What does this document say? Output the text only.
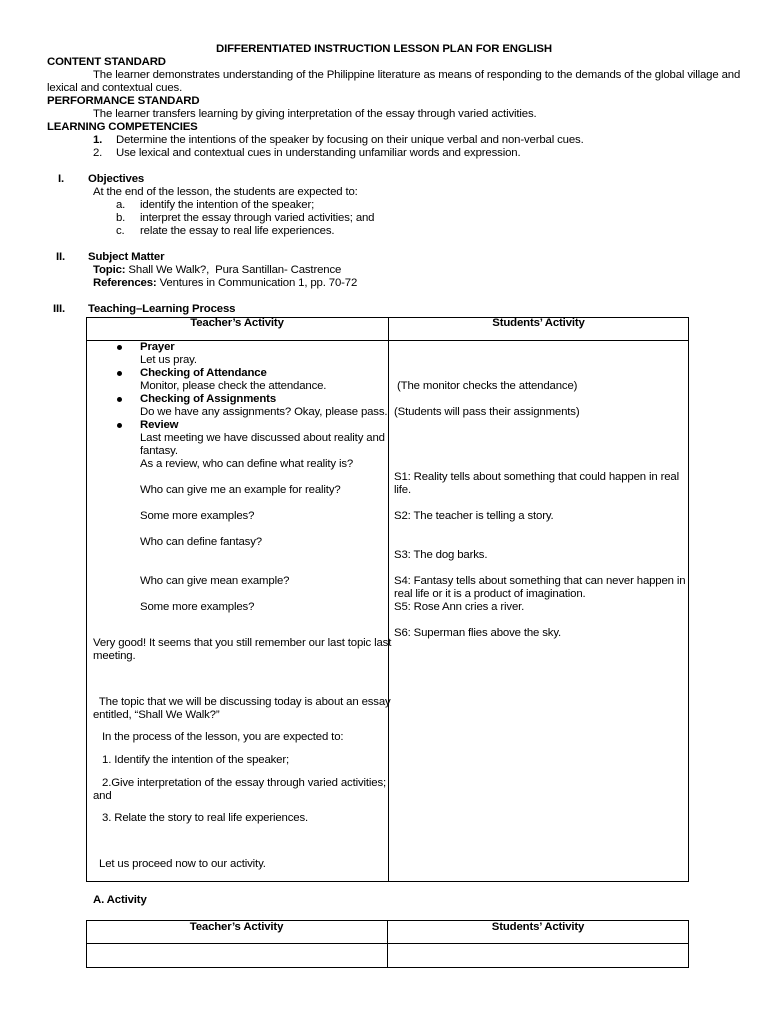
DIFFERENTIATED INSTRUCTION LESSON PLAN FOR ENGLISH
CONTENT STANDARD
The learner demonstrates understanding of the Philippine literature as means of responding to the demands of the global village and
lexical and contextual cues.
PERFORMANCE STANDARD
The learner transfers learning by giving interpretation of the essay through varied activities.
LEARNING COMPETENCIES
1. Determine the intentions of the speaker by focusing on their unique verbal and non-verbal cues.
2. Use lexical and contextual cues in understanding unfamiliar words and expression.
I. Objectives
At the end of the lesson, the students are expected to:
a. identify the intention of the speaker;
b. interpret the essay through varied activities; and
c. relate the essay to real life experiences.
II. Subject Matter
Topic: Shall We Walk?,  Pura Santillan- Castrence
References: Ventures in Communication 1, pp. 70-72
III. Teaching–Learning Process
Teacher’s Activity	Students’ Activity
Prayer
Let us pray.
Checking of Attendance
Monitor, please check the attendance.
Checking of Assignments
Do we have any assignments? Okay, please pass.
Review
Last meeting we have discussed about reality and
fantasy.
As a review, who can define what reality is?
Who can give me an example for reality?
Some more examples?
Who can define fantasy?
Who can give mean example?
Some more examples?
Very good! It seems that you still remember our last topic last
meeting.
The topic that we will be discussing today is about an essay
entitled, “Shall We Walk?”
In the process of the lesson, you are expected to:
1. Identify the intention of the speaker;
2.Give interpretation of the essay through varied activities;
and
3. Relate the story to real life experiences.
Let us proceed now to our activity.
(The monitor checks the attendance)
(Students will pass their assignments)
S1: Reality tells about something that could happen in real
life.
S2: The teacher is telling a story.
S3: The dog barks.
S4: Fantasy tells about something that can never happen in
real life or it is a product of imagination.
S5: Rose Ann cries a river.
S6: Superman flies above the sky.
A. Activity
Teacher’s Activity	Students’ Activity
